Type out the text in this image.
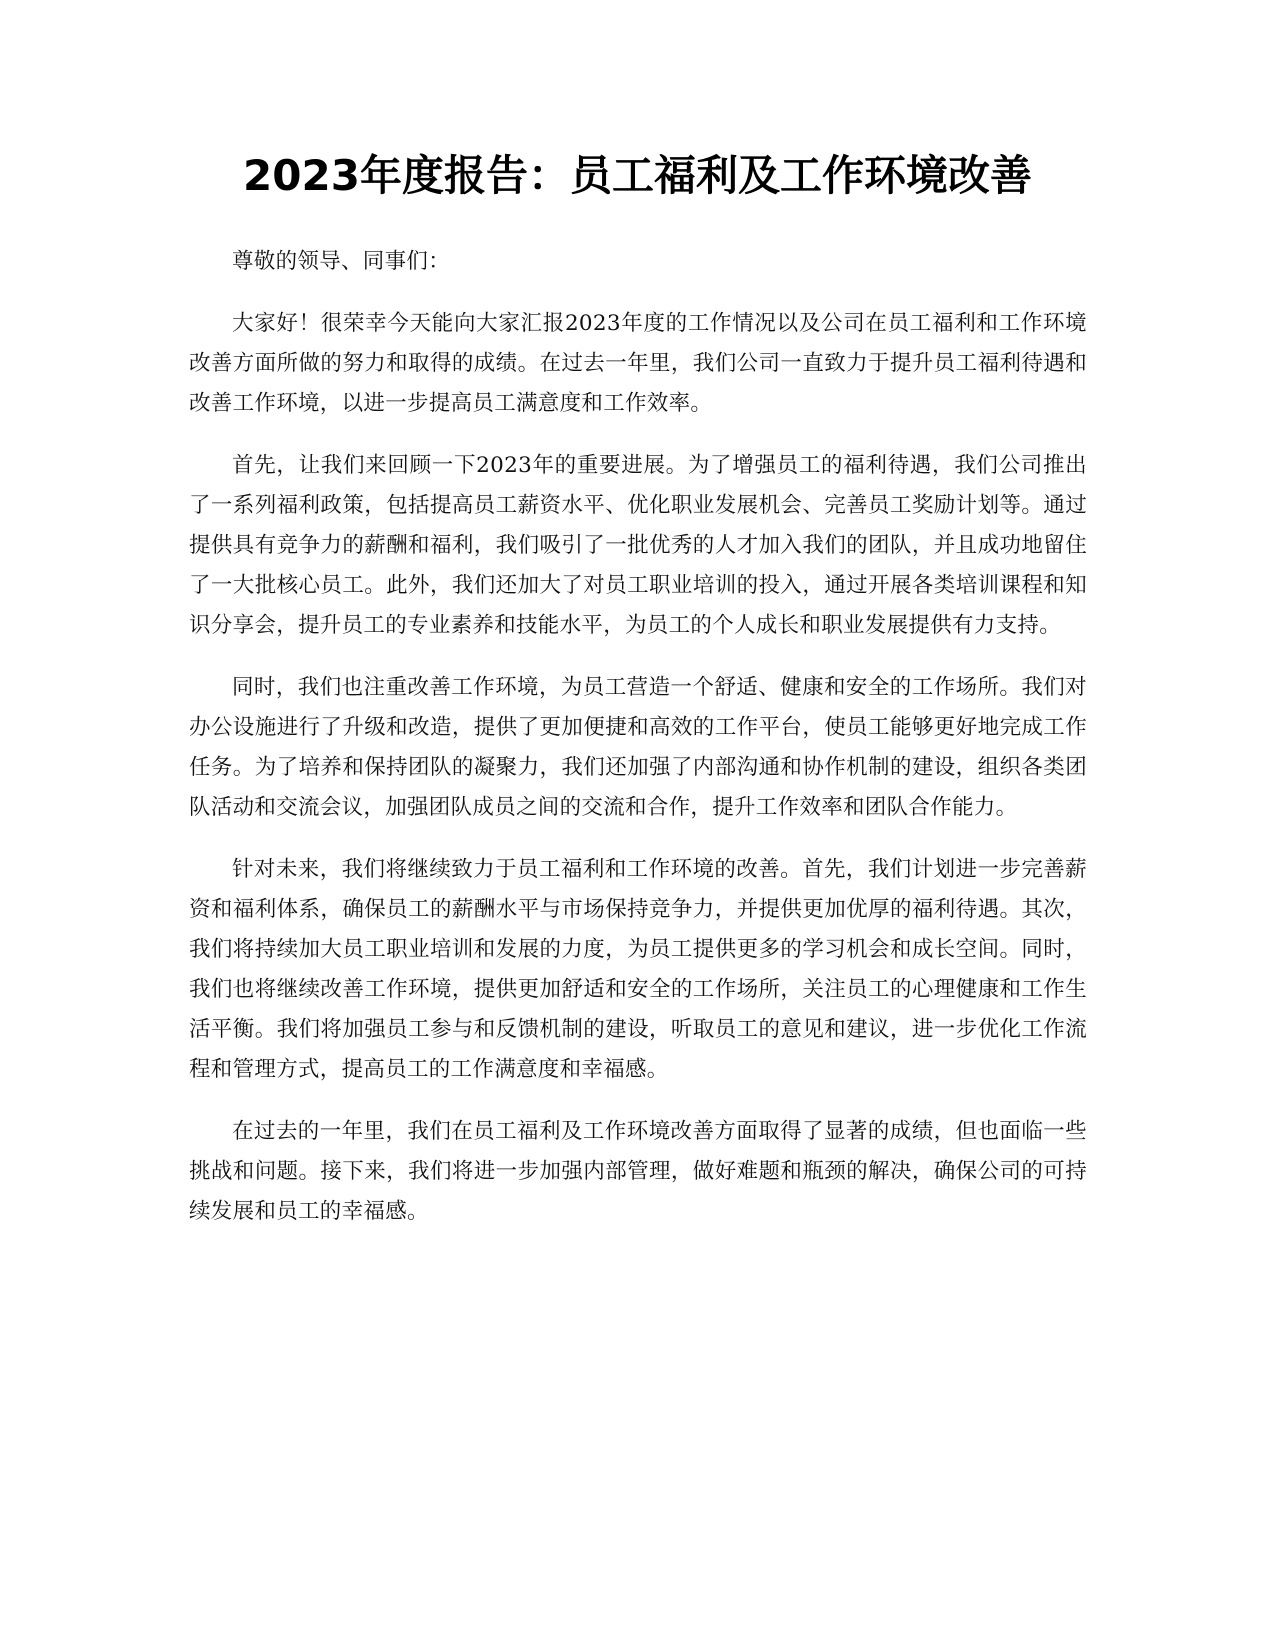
2023年度报告：员工福利及工作环境改善

尊敬的领导、同事们：

大家好！很荣幸今天能向大家汇报2023年度的工作情况以及公司在员工福利和工作环境改善方面所做的努力和取得的成绩。在过去一年里，我们公司一直致力于提升员工福利待遇和改善工作环境，以进一步提高员工满意度和工作效率。

首先，让我们来回顾一下2023年的重要进展。为了增强员工的福利待遇，我们公司推出了一系列福利政策，包括提高员工薪资水平、优化职业发展机会、完善员工奖励计划等。通过提供具有竞争力的薪酬和福利，我们吸引了一批优秀的人才加入我们的团队，并且成功地留住了一大批核心员工。此外，我们还加大了对员工职业培训的投入，通过开展各类培训课程和知识分享会，提升员工的专业素养和技能水平，为员工的个人成长和职业发展提供有力支持。

同时，我们也注重改善工作环境，为员工营造一个舒适、健康和安全的工作场所。我们对办公设施进行了升级和改造，提供了更加便捷和高效的工作平台，使员工能够更好地完成工作任务。为了培养和保持团队的凝聚力，我们还加强了内部沟通和协作机制的建设，组织各类团队活动和交流会议，加强团队成员之间的交流和合作，提升工作效率和团队合作能力。

针对未来，我们将继续致力于员工福利和工作环境的改善。首先，我们计划进一步完善薪资和福利体系，确保员工的薪酬水平与市场保持竞争力，并提供更加优厚的福利待遇。其次，我们将持续加大员工职业培训和发展的力度，为员工提供更多的学习机会和成长空间。同时，我们也将继续改善工作环境，提供更加舒适和安全的工作场所，关注员工的心理健康和工作生活平衡。我们将加强员工参与和反馈机制的建设，听取员工的意见和建议，进一步优化工作流程和管理方式，提高员工的工作满意度和幸福感。

在过去的一年里，我们在员工福利及工作环境改善方面取得了显著的成绩，但也面临一些挑战和问题。接下来，我们将进一步加强内部管理，做好难题和瓶颈的解决，确保公司的可持续发展和员工的幸福感。
